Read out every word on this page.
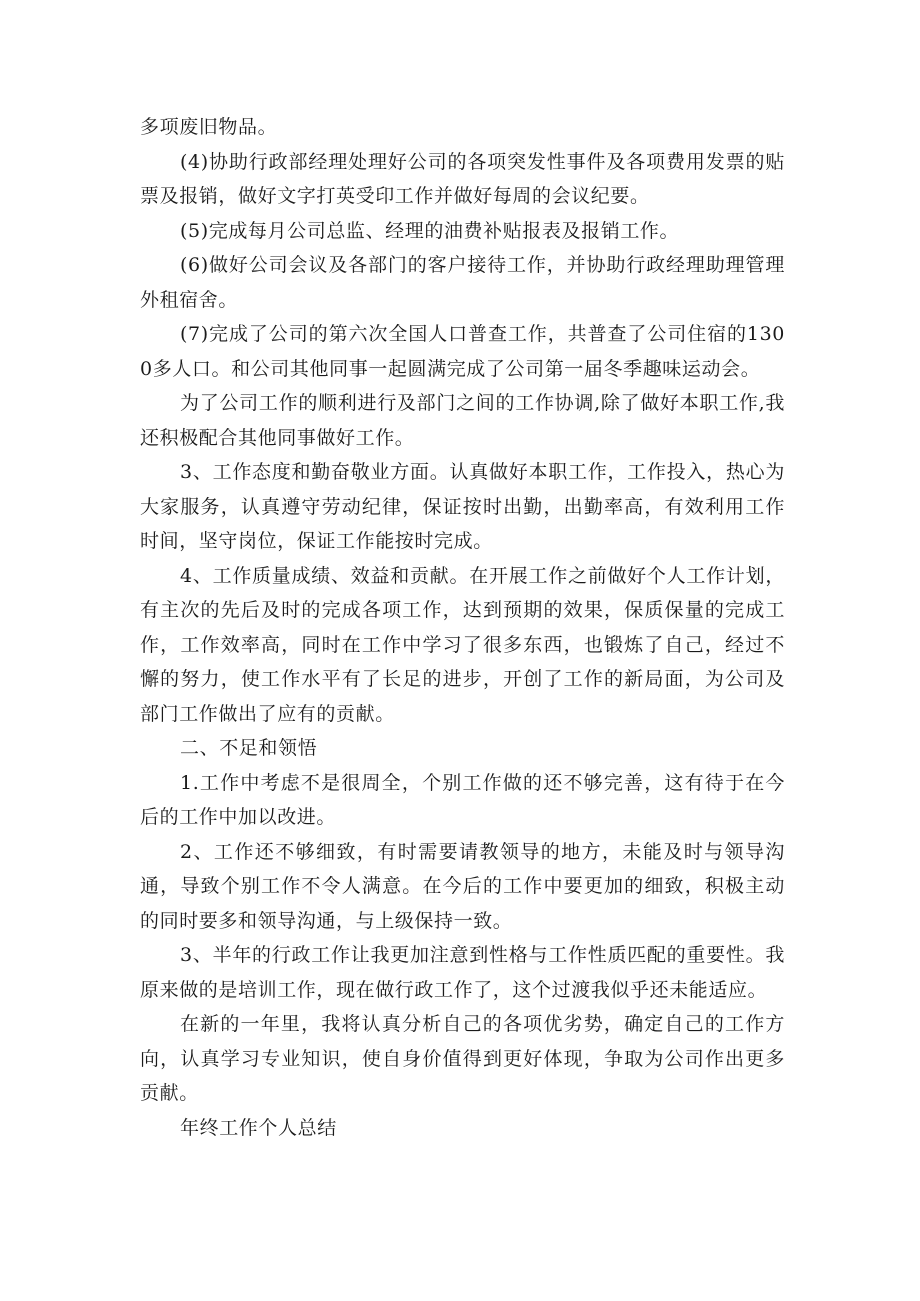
多项废旧物品。

(4)协助行政部经理处理好公司的各项突发性事件及各项费用发票的贴票及报销，做好文字打英受印工作并做好每周的会议纪要。

(5)完成每月公司总监、经理的油费补贴报表及报销工作。

(6)做好公司会议及各部门的客户接待工作，并协助行政经理助理管理外租宿舍。

(7)完成了公司的第六次全国人口普查工作，共普查了公司住宿的1300多人口。和公司其他同事一起圆满完成了公司第一届冬季趣味运动会。

为了公司工作的顺利进行及部门之间的工作协调,除了做好本职工作,我还积极配合其他同事做好工作。

3、工作态度和勤奋敬业方面。认真做好本职工作，工作投入，热心为大家服务，认真遵守劳动纪律，保证按时出勤，出勤率高，有效利用工作时间，坚守岗位，保证工作能按时完成。

4、工作质量成绩、效益和贡献。在开展工作之前做好个人工作计划，有主次的先后及时的完成各项工作，达到预期的效果，保质保量的完成工作，工作效率高，同时在工作中学习了很多东西，也锻炼了自己，经过不懈的努力，使工作水平有了长足的进步，开创了工作的新局面，为公司及部门工作做出了应有的贡献。

二、不足和领悟

1.工作中考虑不是很周全，个别工作做的还不够完善，这有待于在今后的工作中加以改进。

2、工作还不够细致，有时需要请教领导的地方，未能及时与领导沟通，导致个别工作不令人满意。在今后的工作中要更加的细致，积极主动的同时要多和领导沟通，与上级保持一致。

3、半年的行政工作让我更加注意到性格与工作性质匹配的重要性。我原来做的是培训工作，现在做行政工作了，这个过渡我似乎还未能适应。

在新的一年里，我将认真分析自己的各项优劣势，确定自己的工作方向，认真学习专业知识，使自身价值得到更好体现，争取为公司作出更多贡献。

年终工作个人总结
